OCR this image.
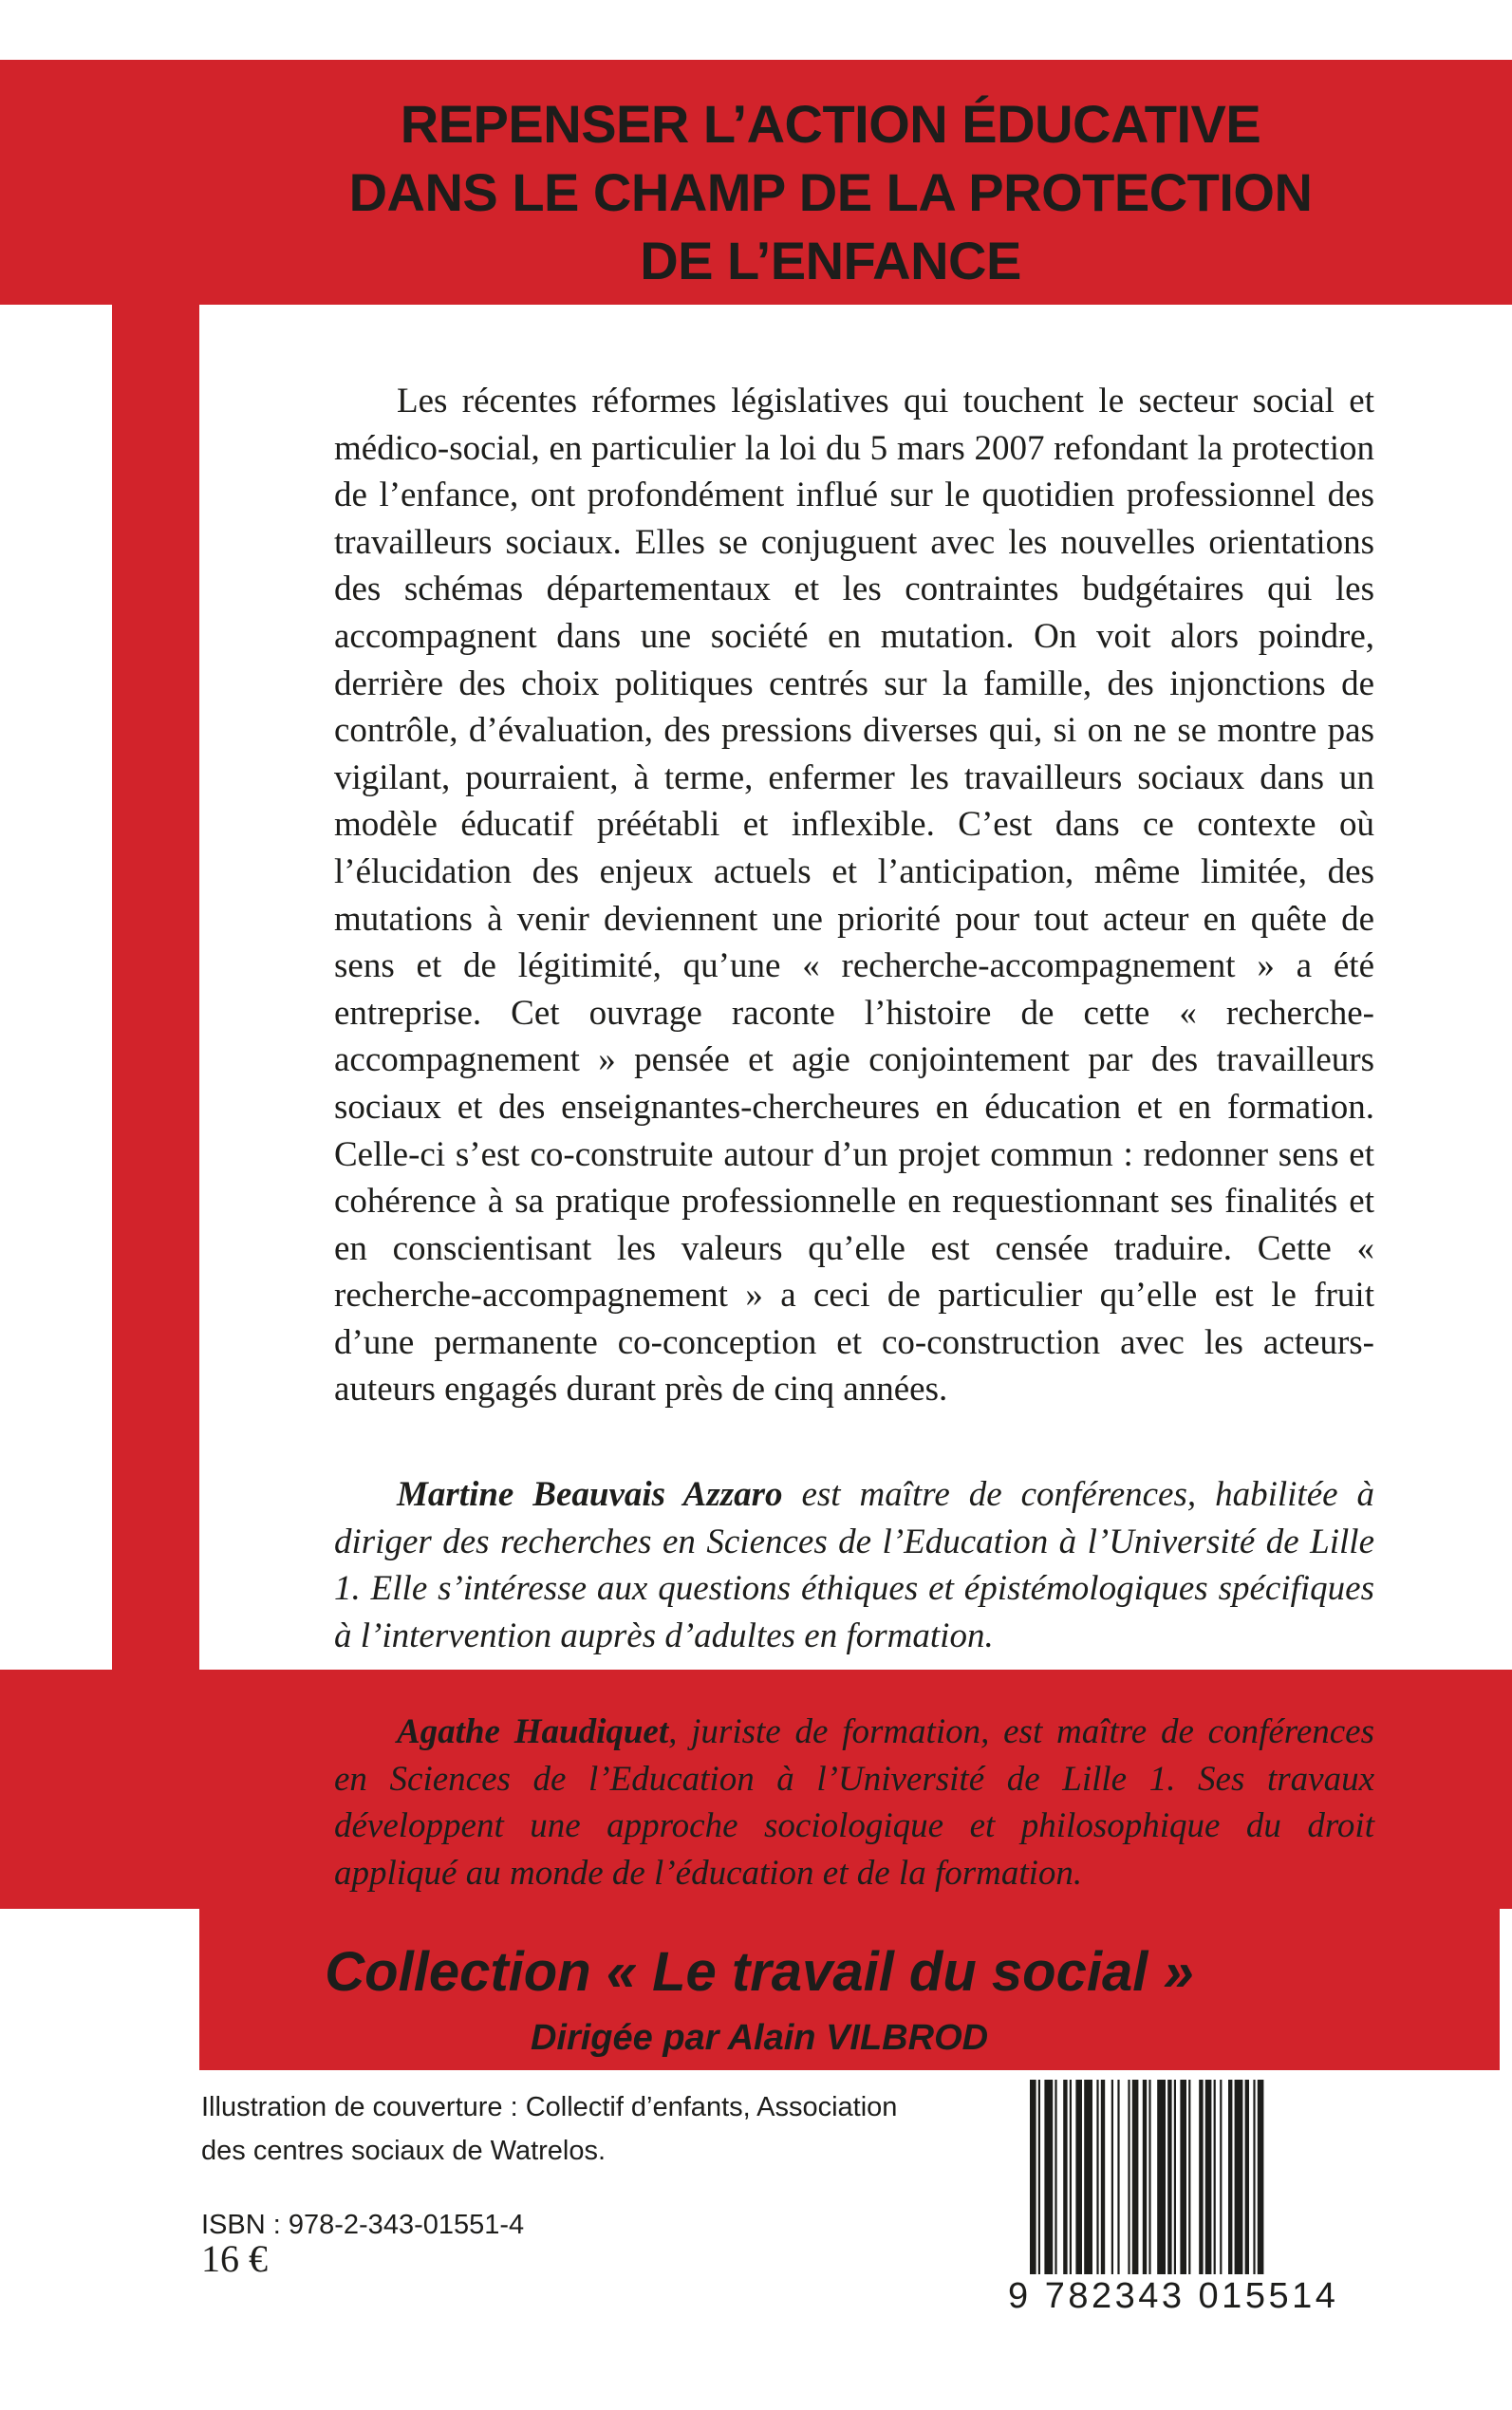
REPENSER L’ACTION ÉDUCATIVE
DANS LE CHAMP DE LA PROTECTION
DE L’ENFANCE

Les récentes réformes législatives qui touchent le secteur social et médico-social, en particulier la loi du 5 mars 2007 refondant la protection de l’enfance, ont profondément influé sur le quotidien professionnel des travailleurs sociaux. Elles se conjuguent avec les nouvelles orientations des schémas départementaux et les contraintes budgétaires qui les accompagnent dans une société en mutation. On voit alors poindre, derrière des choix politiques centrés sur la famille, des injonctions de contrôle, d’évaluation, des pressions diverses qui, si on ne se montre pas vigilant, pourraient, à terme, enfermer les travailleurs sociaux dans un modèle éducatif préétabli et inflexible. C’est dans ce contexte où l’élucidation des enjeux actuels et l’anticipation, même limitée, des mutations à venir deviennent une priorité pour tout acteur en quête de sens et de légitimité, qu’une « recherche-accompagnement » a été entreprise. Cet ouvrage raconte l’histoire de cette « recherche-accompagnement » pensée et agie conjointement par des travailleurs sociaux et des enseignantes-chercheures en éducation et en formation. Celle-ci s’est co-construite autour d’un projet commun : redonner sens et cohérence à sa pratique professionnelle en requestionnant ses finalités et en conscientisant les valeurs qu’elle est censée traduire. Cette « recherche-accompagnement » a ceci de particulier qu’elle est le fruit d’une permanente co-conception et co-construction avec les acteurs-auteurs engagés durant près de cinq années.

Martine Beauvais Azzaro est maître de conférences, habilitée à diriger des recherches en Sciences de l’Education à l’Université de Lille 1. Elle s’intéresse aux questions éthiques et épistémologiques spécifiques à l’intervention auprès d’adultes en formation.

Agathe Haudiquet, juriste de formation, est maître de conférences en Sciences de l’Education à l’Université de Lille 1. Ses travaux développent une approche sociologique et philosophique du droit appliqué au monde de l’éducation et de la formation.

Collection « Le travail du social »
Dirigée par Alain VILBROD
Illustration de couverture : Collectif d’enfants, Association
des centres sociaux de Watrelos.
ISBN : 978-2-343-01551-4
16 €
9 782343 015514
